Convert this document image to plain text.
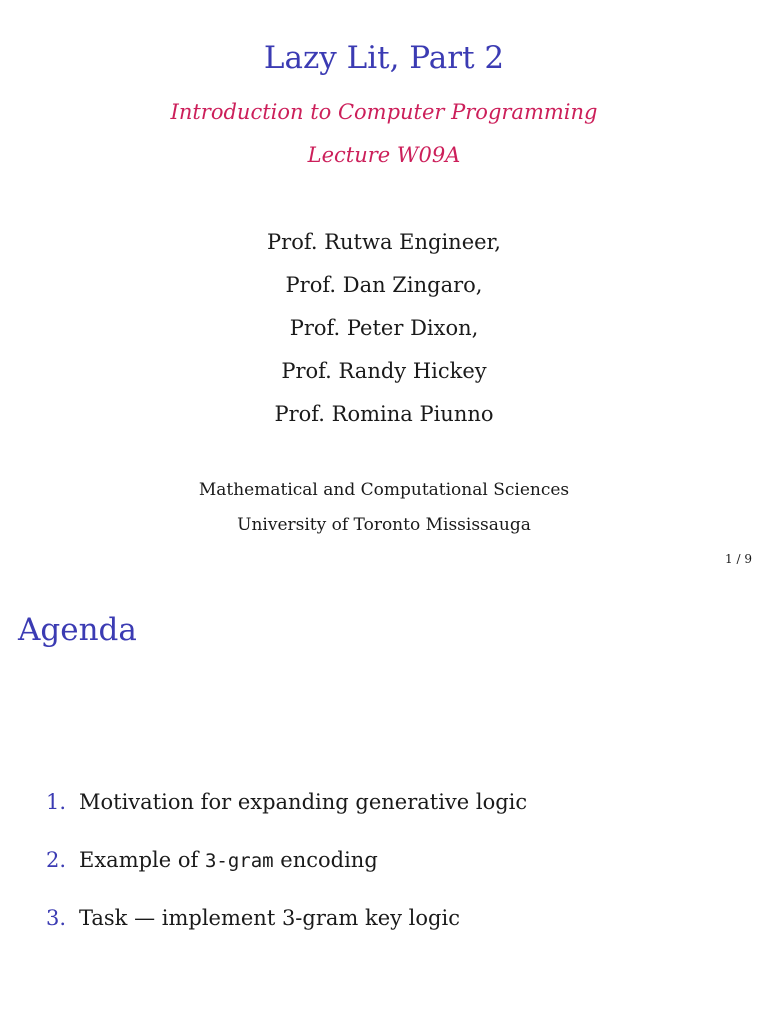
Lazy Lit, Part 2
Introduction to Computer Programming
Lecture W09A
Prof. Rutwa Engineer,
Prof. Dan Zingaro,
Prof. Peter Dixon,
Prof. Randy Hickey
Prof. Romina Piunno
Mathematical and Computational Sciences
University of Toronto Mississauga
1 / 9
Agenda
1. Motivation for expanding generative logic
2. Example of 3-gram encoding
3. Task — implement 3-gram key logic
